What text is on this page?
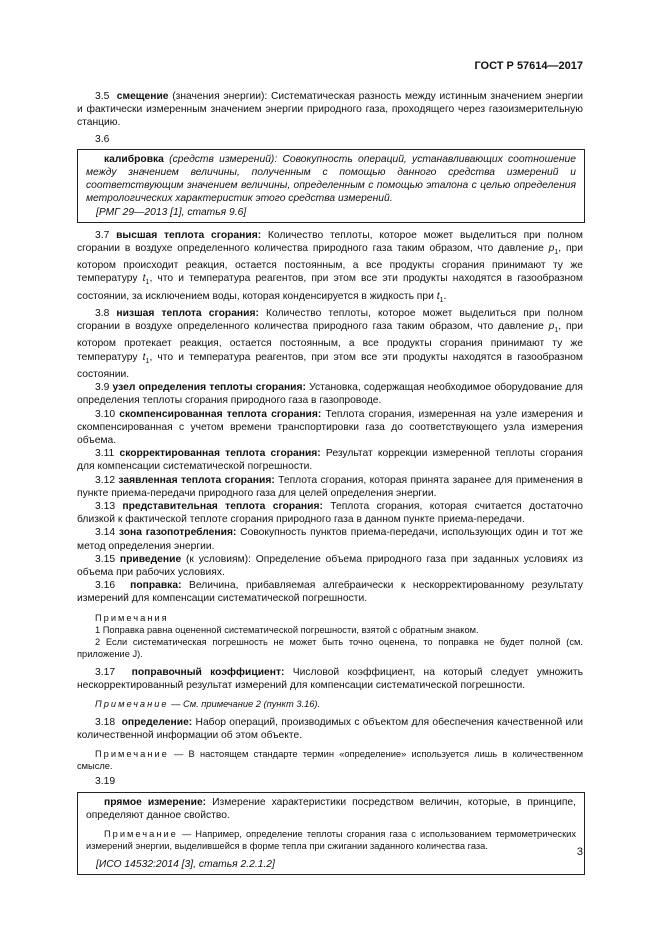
ГОСТ Р 57614—2017

3.5 смещение (значения энергии): Систематическая разность между истинным значением энергии и фактически измеренным значением энергии природного газа, проходящего через газоизмерительную станцию.

3.6

калибровка (средств измерений): Совокупность операций, устанавливающих соотношение между значением величины, полученным с помощью данного средства измерений и соответствующим значением величины, определенным с помощью эталона с целью определения метрологических характеристик этого средства измерений.

[РМГ 29—2013 [1], статья 9.6]

3.7 высшая теплота сгорания: Количество теплоты, которое может выделиться при полном сгорании в воздухе определенного количества природного газа таким образом, что давление $p_1$, при котором происходит реакция, остается постоянным, а все продукты сгорания принимают ту же температуру $t_1$, что и температура реагентов, при этом все эти продукты находятся в газообразном состоянии, за исключением воды, которая конденсируется в жидкость при $t_1$.

3.8 низшая теплота сгорания: Количество теплоты, которое может выделиться при полном сгорании в воздухе определенного количества природного газа таким образом, что давление $p_1$, при котором протекает реакция, остается постоянным, а все продукты сгорания принимают ту же температуру $t_1$, что и температура реагентов, при этом все эти продукты находятся в газообразном состоянии.

3.9 узел определения теплоты сгорания: Установка, содержащая необходимое оборудование для определения теплоты сгорания природного газа в газопроводе.

3.10 скомпенсированная теплота сгорания: Теплота сгорания, измеренная на узле измерения и скомпенсированная с учетом времени транспортировки газа до соответствующего узла измерения объема.

3.11 скорректированная теплота сгорания: Результат коррекции измеренной теплоты сгорания для компенсации систематической погрешности.

3.12 заявленная теплота сгорания: Теплота сгорания, которая принята заранее для применения в пункте приема-передачи природного газа для целей определения энергии.

3.13 представительная теплота сгорания: Теплота сгорания, которая считается достаточно близкой к фактической теплоте сгорания природного газа в данном пункте приема-передачи.

3.14 зона газопотребления: Совокупность пунктов приема-передачи, использующих один и тот же метод определения энергии.

3.15 приведение (к условиям): Определение объема природного газа при заданных условиях из объема при рабочих условиях.

3.16 поправка: Величина, прибавляемая алгебраически к нескорректированному результату измерений для компенсации систематической погрешности.

Примечания

1 Поправка равна оцененной систематической погрешности, взятой с обратным знаком.

2 Если систематическая погрешность не может быть точно оценена, то поправка не будет полной (см. приложение J).

3.17 поправочный коэффициент: Числовой коэффициент, на который следует умножить нескорректированный результат измерений для компенсации систематической погрешности.

Примечание — См. примечание 2 (пункт 3.16).

3.18 определение: Набор операций, производимых с объектом для обеспечения качественной или количественной информации об этом объекте.

Примечание — В настоящем стандарте термин «определение» используется лишь в количественном смысле.

3.19

прямое измерение: Измерение характеристики посредством величин, которые, в принципе, определяют данное свойство.

Примечание — Например, определение теплоты сгорания газа с использованием термометрических измерений энергии, выделившейся в форме тепла при сжигании заданного количества газа.

[ИСО 14532:2014 [3], статья 2.2.1.2]

3
